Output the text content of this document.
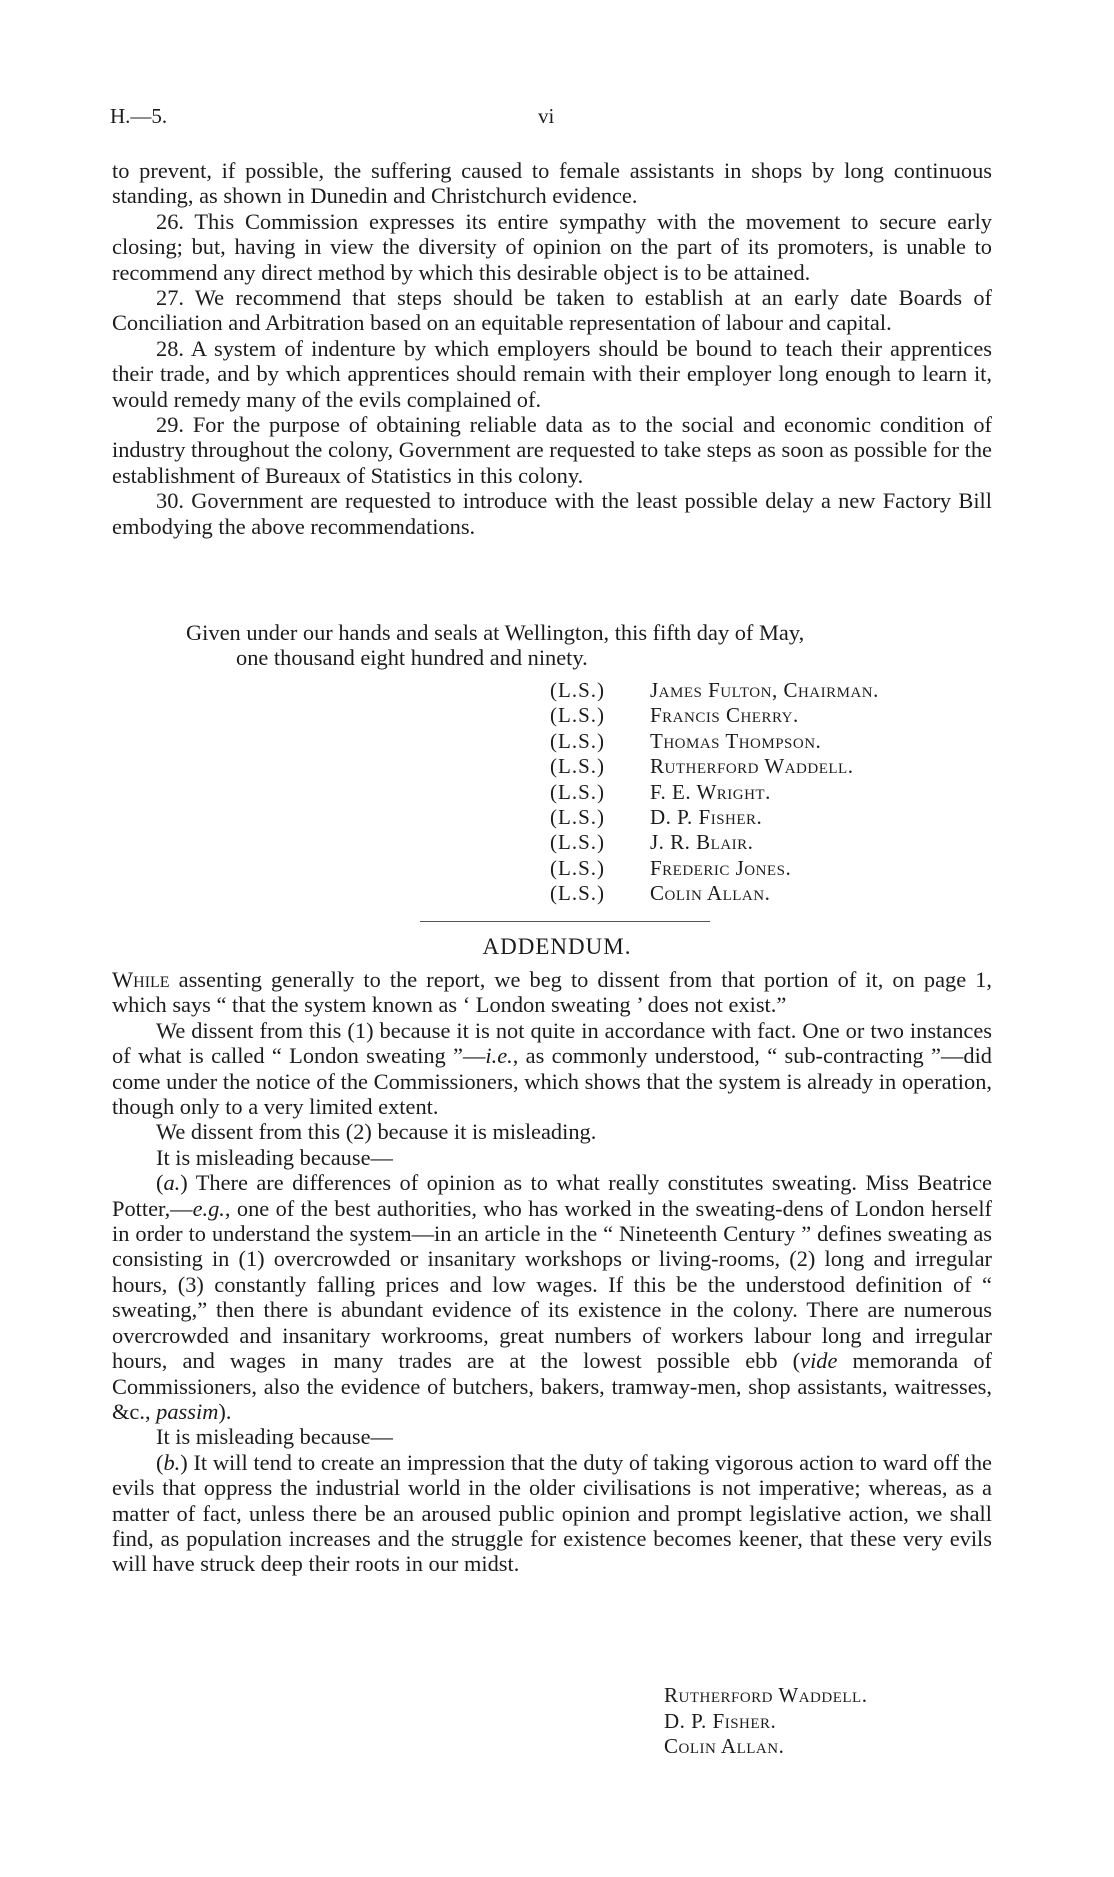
H.—5.	vi

to prevent, if possible, the suffering caused to female assistants in shops by long continuous standing, as shown in Dunedin and Christchurch evidence.

26. This Commission expresses its entire sympathy with the movement to secure early closing; but, having in view the diversity of opinion on the part of its promoters, is unable to recommend any direct method by which this desirable object is to be attained.

27. We recommend that steps should be taken to establish at an early date Boards of Conciliation and Arbitration based on an equitable representation of labour and capital.

28. A system of indenture by which employers should be bound to teach their apprentices their trade, and by which apprentices should remain with their employer long enough to learn it, would remedy many of the evils complained of.

29. For the purpose of obtaining reliable data as to the social and economic condition of industry throughout the colony, Government are requested to take steps as soon as possible for the establishment of Bureaux of Statistics in this colony.

30. Government are requested to introduce with the least possible delay a new Factory Bill embodying the above recommendations.

Given under our hands and seals at Wellington, this fifth day of May,
one thousand eight hundred and ninety.
(L.S.)	James Fulton, Chairman.
(L.S.)	Francis Cherry.
(L.S.)	Thomas Thompson.
(L.S.)	Rutherford Waddell.
(L.S.)	F. E. Wright.
(L.S.)	D. P. Fisher.
(L.S.)	J. R. Blair.
(L.S.)	Frederic Jones.
(L.S.)	Colin Allan.
ADDENDUM.

While assenting generally to the report, we beg to dissent from that portion of it, on page 1, which says “ that the system known as ‘ London sweating ’ does not exist.”

We dissent from this (1) because it is not quite in accordance with fact. One or two instances of what is called “ London sweating ”—i.e., as commonly understood, “ sub-contracting ”—did come under the notice of the Commissioners, which shows that the system is already in operation, though only to a very limited extent.

We dissent from this (2) because it is misleading.

It is misleading because—

(a.) There are differences of opinion as to what really constitutes sweating. Miss Beatrice Potter,—e.g., one of the best authorities, who has worked in the sweating-dens of London herself in order to understand the system—in an article in the “ Nineteenth Century ” defines sweating as consisting in (1) overcrowded or insanitary workshops or living-rooms, (2) long and irregular hours, (3) constantly falling prices and low wages. If this be the understood definition of “ sweating,” then there is abundant evidence of its existence in the colony. There are numerous overcrowded and insanitary workrooms, great numbers of workers labour long and irregular hours, and wages in many trades are at the lowest possible ebb (vide memoranda of Commissioners, also the evidence of butchers, bakers, tramway-men, shop assistants, waitresses, &c., passim).

It is misleading because—

(b.) It will tend to create an impression that the duty of taking vigorous action to ward off the evils that oppress the industrial world in the older civilisations is not imperative; whereas, as a matter of fact, unless there be an aroused public opinion and prompt legislative action, we shall find, as population increases and the struggle for existence becomes keener, that these very evils will have struck deep their roots in our midst.

Rutherford Waddell.
D. P. Fisher.
Colin Allan.
